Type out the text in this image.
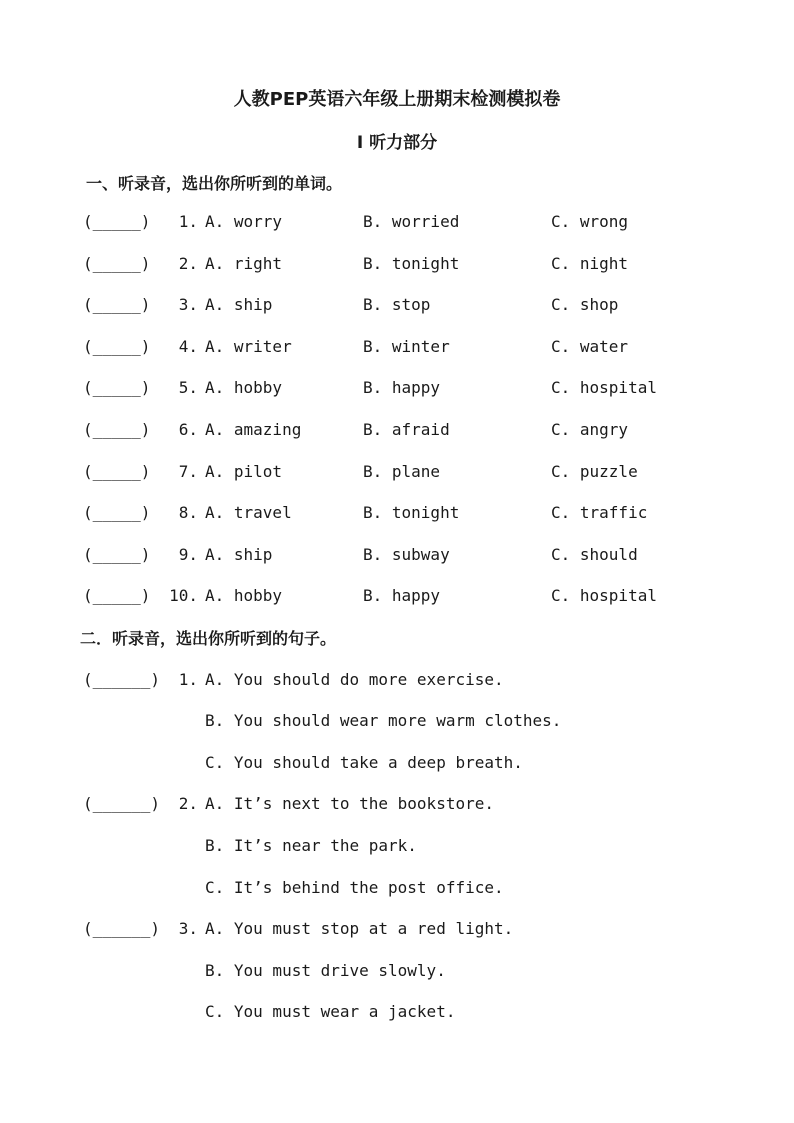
人教PEP英语六年级上册期末检测模拟卷
I 听力部分
一、听录音，选出你所听到的单词。
(_____)	1. A. worry	B. worried	C. wrong
(_____)	2. A. right	B. tonight	C. night
(_____)	3. A. ship	B. stop	C. shop
(_____)	4. A. writer	B. winter	C. water
(_____)	5. A. hobby	B. happy	C. hospital
(_____)	6. A. amazing	B. afraid	C. angry
(_____)	7. A. pilot	B. plane	C. puzzle
(_____)	8. A. travel	B. tonight	C. traffic
(_____)	9. A. ship	B. subway	C. should
(_____) 10. A. hobby	B. happy	C. hospital
二．听录音，选出你所听到的句子。
(______)	1. A. You should do more exercise.
B. You should wear more warm clothes.
C. You should take a deep breath.
(______)	2. A. It’s next to the bookstore.
B. It’s near the park.
C. It’s behind the post office.
(______)	3. A. You must stop at a red light.
B. You must drive slowly.
C. You must wear a jacket.
